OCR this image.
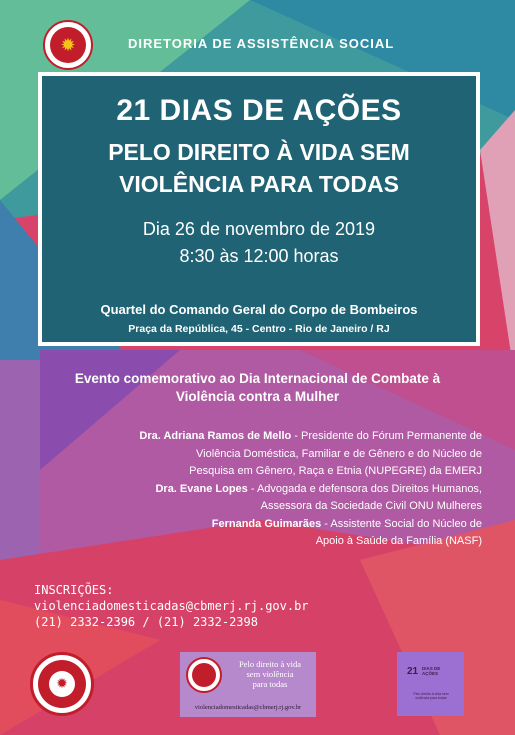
✹	DIRETORIA DE ASSISTÊNCIA SOCIAL
21 DIAS DE AÇÕES
PELO DIREITO À VIDA SEM
VIOLÊNCIA PARA TODAS
Dia 26 de novembro de 2019
8:30 às 12:00 horas
Quartel do Comando Geral do Corpo de Bombeiros
Praça da República, 45 - Centro - Rio de Janeiro / RJ
Evento comemorativo ao Dia Internacional de Combate à
Violência contra a Mulher
Dra. Adriana Ramos de Mello - Presidente do Fórum Permanente de
Violência Doméstica, Familiar e de Gênero e do Núcleo de
Pesquisa em Gênero, Raça e Etnia (NUPEGRE) da EMERJ
Dra. Evane Lopes - Advogada e defensora dos Direitos Humanos,
Assessora da Sociedade Civil ONU Mulheres
Fernanda Guimarães - Assistente Social do Núcleo de
Apoio à Saúde da Família (NASF)
INSCRIÇÕES:
violenciadomesticadas@cbmerj.rj.gov.br
(21) 2332-2396 / (21) 2332-2398
✹
Pelo direito à vida
sem violência
para todas
violenciadomesticadas@cbmerj.rj.gov.br
21 DIAS DE
AÇÕES
Pelo direito à vida sem
violência para todas
